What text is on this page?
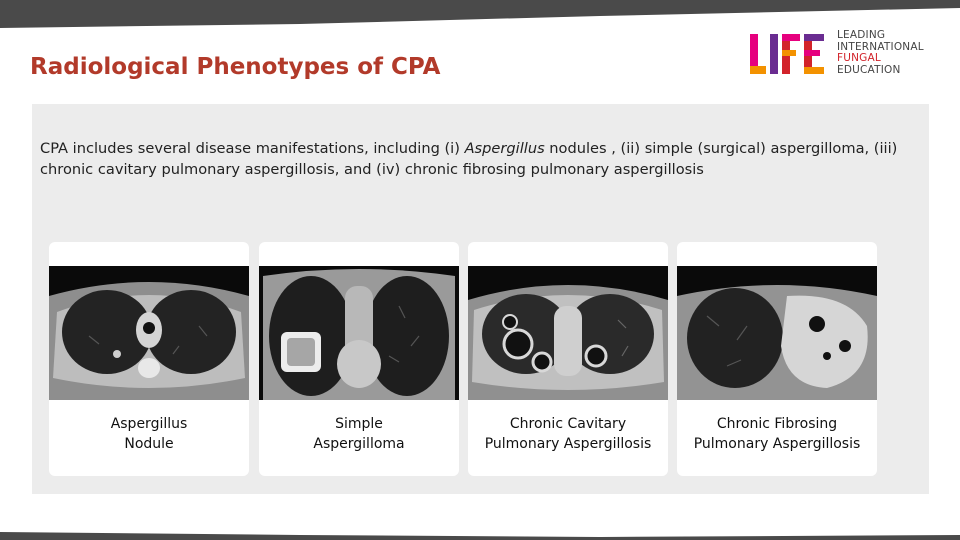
Radiological Phenotypes of CPA
LEADING
INTERNATIONAL
FUNGAL
EDUCATION
CPA includes several disease manifestations, including (i) Aspergillus nodules , (ii) simple (surgical) aspergilloma, (iii) chronic cavitary pulmonary aspergillosis, and (iv) chronic fibrosing pulmonary aspergillosis
Aspergillus
Nodule
Simple
Aspergilloma
Chronic Cavitary
Pulmonary Aspergillosis
Chronic Fibrosing
Pulmonary Aspergillosis
